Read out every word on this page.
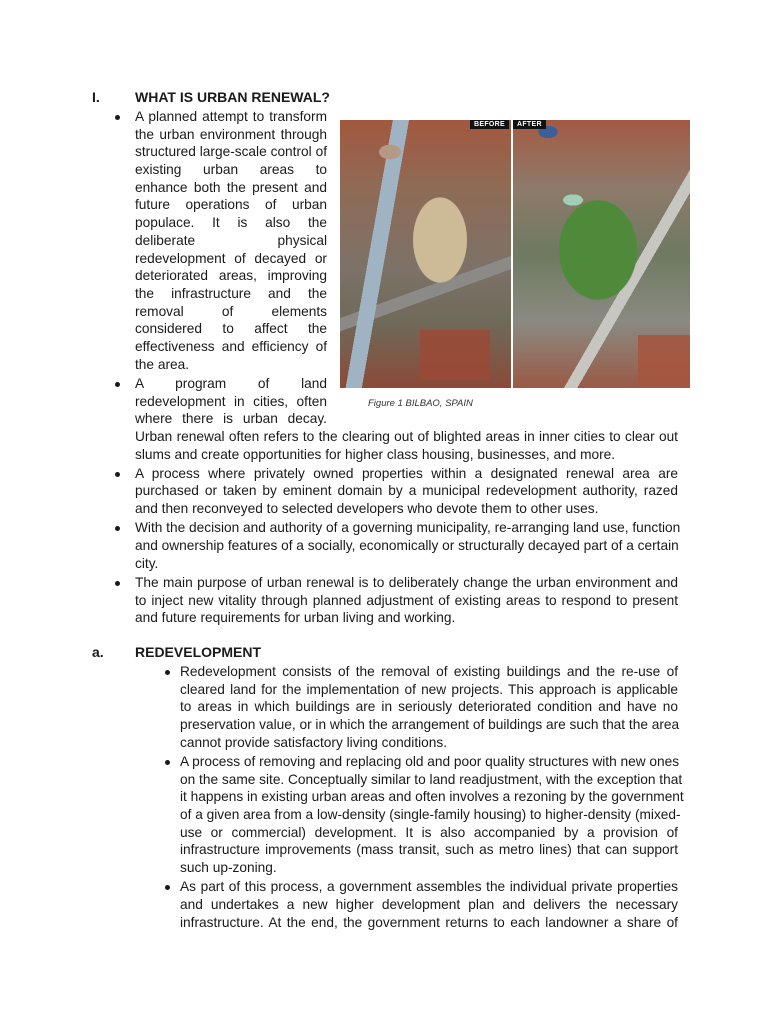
I.	WHAT IS URBAN RENEWAL?
A planned attempt to transform
the urban environment through
structured large-scale control of
existing urban areas to
enhance both the present and
future operations of urban
populace. It is also the
deliberate physical
redevelopment of decayed or
deteriorated areas, improving
the infrastructure and the
removal of elements
considered to affect the
effectiveness and efficiency of
the area.
A program of land
redevelopment in cities, often
where there is urban decay.
Urban renewal often refers to the clearing out of blighted areas in inner cities to clear out
slums and create opportunities for higher class housing, businesses, and more.
A process where privately owned properties within a designated renewal area are
purchased or taken by eminent domain by a municipal redevelopment authority, razed
and then reconveyed to selected developers who devote them to other uses.
With the decision and authority of a governing municipality, re-arranging land use, function
and ownership features of a socially, economically or structurally decayed part of a certain
city.
The main purpose of urban renewal is to deliberately change the urban environment and
to inject new vitality through planned adjustment of existing areas to respond to present
and future requirements for urban living and working.
BEFORE	AFTER
Figure 1 BILBAO, SPAIN
a. REDEVELOPMENT
Redevelopment consists of the removal of existing buildings and the re-use of
cleared land for the implementation of new projects. This approach is applicable
to areas in which buildings are in seriously deteriorated condition and have no
preservation value, or in which the arrangement of buildings are such that the area
cannot provide satisfactory living conditions.
A process of removing and replacing old and poor quality structures with new ones
on the same site. Conceptually similar to land readjustment, with the exception that
it happens in existing urban areas and often involves a rezoning by the government
of a given area from a low-density (single-family housing) to higher-density (mixed-
use or commercial) development. It is also accompanied by a provision of
infrastructure improvements (mass transit, such as metro lines) that can support
such up-zoning.
As part of this process, a government assembles the individual private properties
and undertakes a new higher development plan and delivers the necessary
infrastructure. At the end, the government returns to each landowner a share of
